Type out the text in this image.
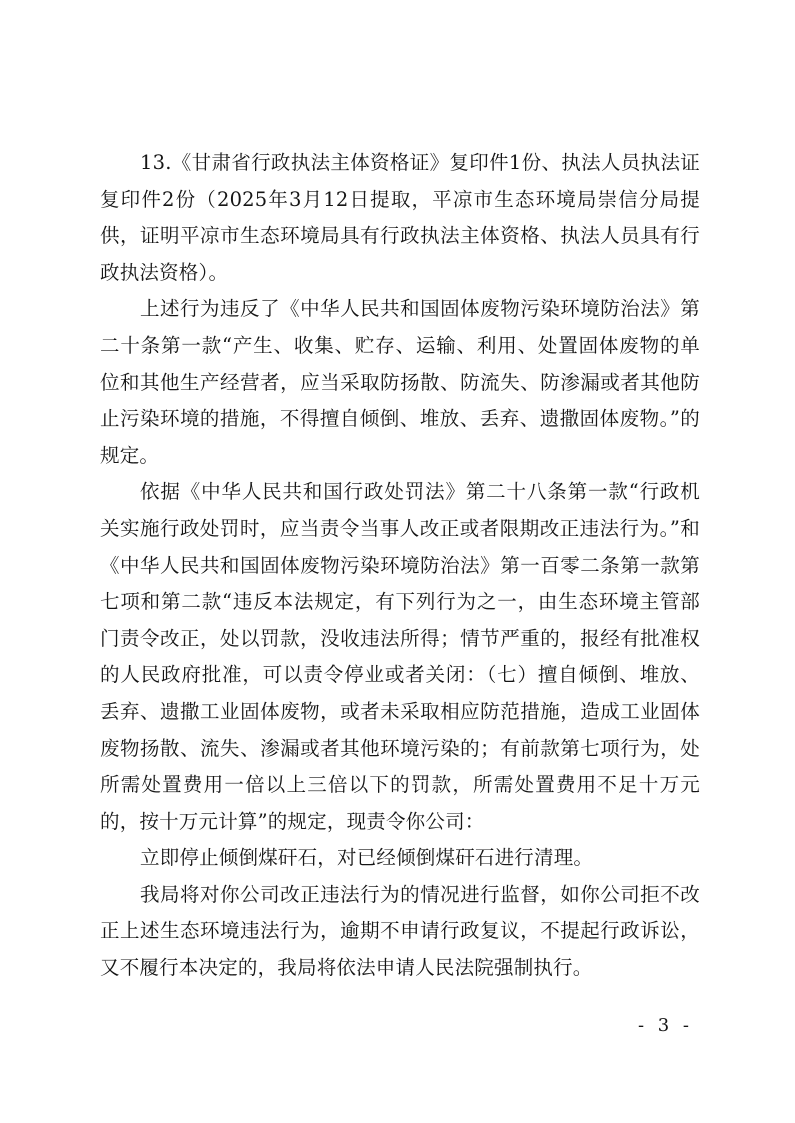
13.《甘肃省行政执法主体资格证》复印件1份、执法人员执法证复印件2份（2025年3月12日提取，平凉市生态环境局崇信分局提供，证明平凉市生态环境局具有行政执法主体资格、执法人员具有行政执法资格）。

上述行为违反了《中华人民共和国固体废物污染环境防治法》第二十条第一款“产生、收集、贮存、运输、利用、处置固体废物的单位和其他生产经营者，应当采取防扬散、防流失、防渗漏或者其他防止污染环境的措施，不得擅自倾倒、堆放、丢弃、遗撒固体废物。”的规定。

依据《中华人民共和国行政处罚法》第二十八条第一款“行政机关实施行政处罚时，应当责令当事人改正或者限期改正违法行为。”和《中华人民共和国固体废物污染环境防治法》第一百零二条第一款第七项和第二款“违反本法规定，有下列行为之一，由生态环境主管部门责令改正，处以罚款，没收违法所得；情节严重的，报经有批准权的人民政府批准，可以责令停业或者关闭：（七）擅自倾倒、堆放、丢弃、遗撒工业固体废物，或者未采取相应防范措施，造成工业固体废物扬散、流失、渗漏或者其他环境污染的；有前款第七项行为，处所需处置费用一倍以上三倍以下的罚款，所需处置费用不足十万元的，按十万元计算”的规定，现责令你公司：

立即停止倾倒煤矸石，对已经倾倒煤矸石进行清理。

我局将对你公司改正违法行为的情况进行监督，如你公司拒不改正上述生态环境违法行为，逾期不申请行政复议，不提起行政诉讼，又不履行本决定的，我局将依法申请人民法院强制执行。

- 3 -
